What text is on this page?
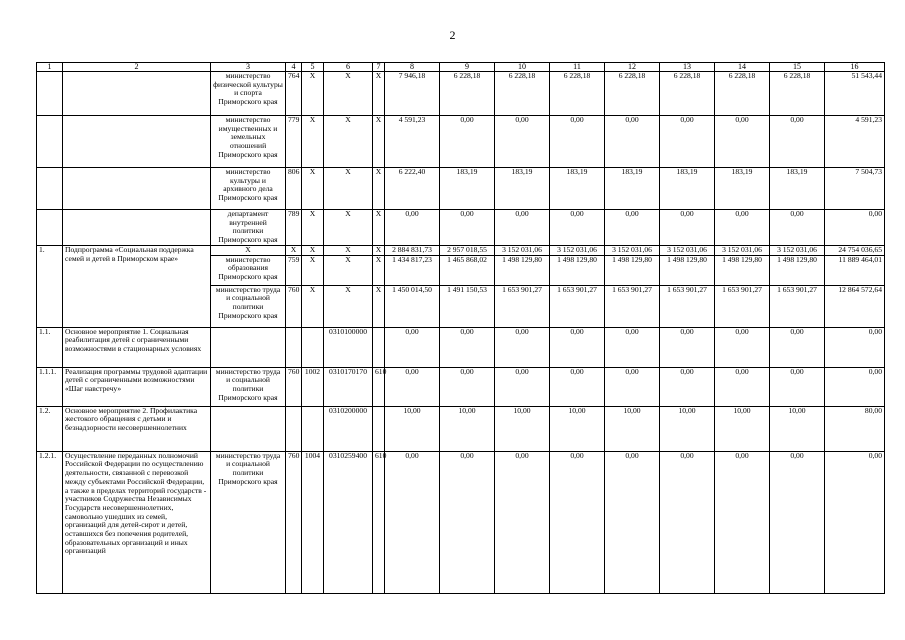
2
1	2	3	4	5	6	7	8	9	10	11	12	13	14	15	16
		министерство физической культуры и спорта Приморского края	764	X	X	X	7 946,18	6 228,18	6 228,18	6 228,18	6 228,18	6 228,18	6 228,18	6 228,18	51 543,44
		министерство имущественных и земельных отношений Приморского края	779	X	X	X	4 591,23	0,00	0,00	0,00	0,00	0,00	0,00	0,00	4 591,23
		министерство культуры и архивного дела Приморского края	806	X	X	X	6 222,40	183,19	183,19	183,19	183,19	183,19	183,19	183,19	7 504,73
		департамент внутренней политики Приморского края	789	X	X	X	0,00	0,00	0,00	0,00	0,00	0,00	0,00	0,00	0,00
1.	Подпрограмма «Социальная поддержка семей и детей в Приморском крае»	X	X	X	X	X	2 884 831,73	2 957 018,55	3 152 031,06	3 152 031,06	3 152 031,06	3 152 031,06	3 152 031,06	3 152 031,06	24 754 036,65
		министерство образования Приморского края	759	X	X	X	1 434 817,23	1 465 868,02	1 498 129,80	1 498 129,80	1 498 129,80	1 498 129,80	1 498 129,80	1 498 129,80	11 889 464,01
		министерство труда и социальной политики Приморского края	760	X	X	X	1 450 014,50	1 491 150,53	1 653 901,27	1 653 901,27	1 653 901,27	1 653 901,27	1 653 901,27	1 653 901,27	12 864 572,64
1.1.	Основное мероприятие 1. Социальная реабилитация детей с ограниченными возможностями в стационарных условиях				0310100000		0,00	0,00	0,00	0,00	0,00	0,00	0,00	0,00	0,00
1.1.1.	Реализация программы трудовой адаптации детей с ограниченными возможностями «Шаг навстречу»	министерство труда и социальной политики Приморского края	760	1002	0310170170	610	0,00	0,00	0,00	0,00	0,00	0,00	0,00	0,00	0,00
1.2.	Основное мероприятие 2. Профилактика жестокого обращения с детьми и безнадзорности несовершеннолетних				0310200000		10,00	10,00	10,00	10,00	10,00	10,00	10,00	10,00	80,00
1.2.1.	Осуществление переданных полномочий Российской Федерации по осуществлению деятельности, связанной с перевозкой между субъектами Российской Федерации, а также в пределах территорий государств - участников Содружества Независимых Государств несовершеннолетних, самовольно ушедших из семей, организаций для детей-сирот и детей, оставшихся без попечения родителей, образовательных организаций и иных организаций	министерство труда и социальной политики Приморского края	760	1004	0310259400	610	0,00	0,00	0,00	0,00	0,00	0,00	0,00	0,00	0,00
